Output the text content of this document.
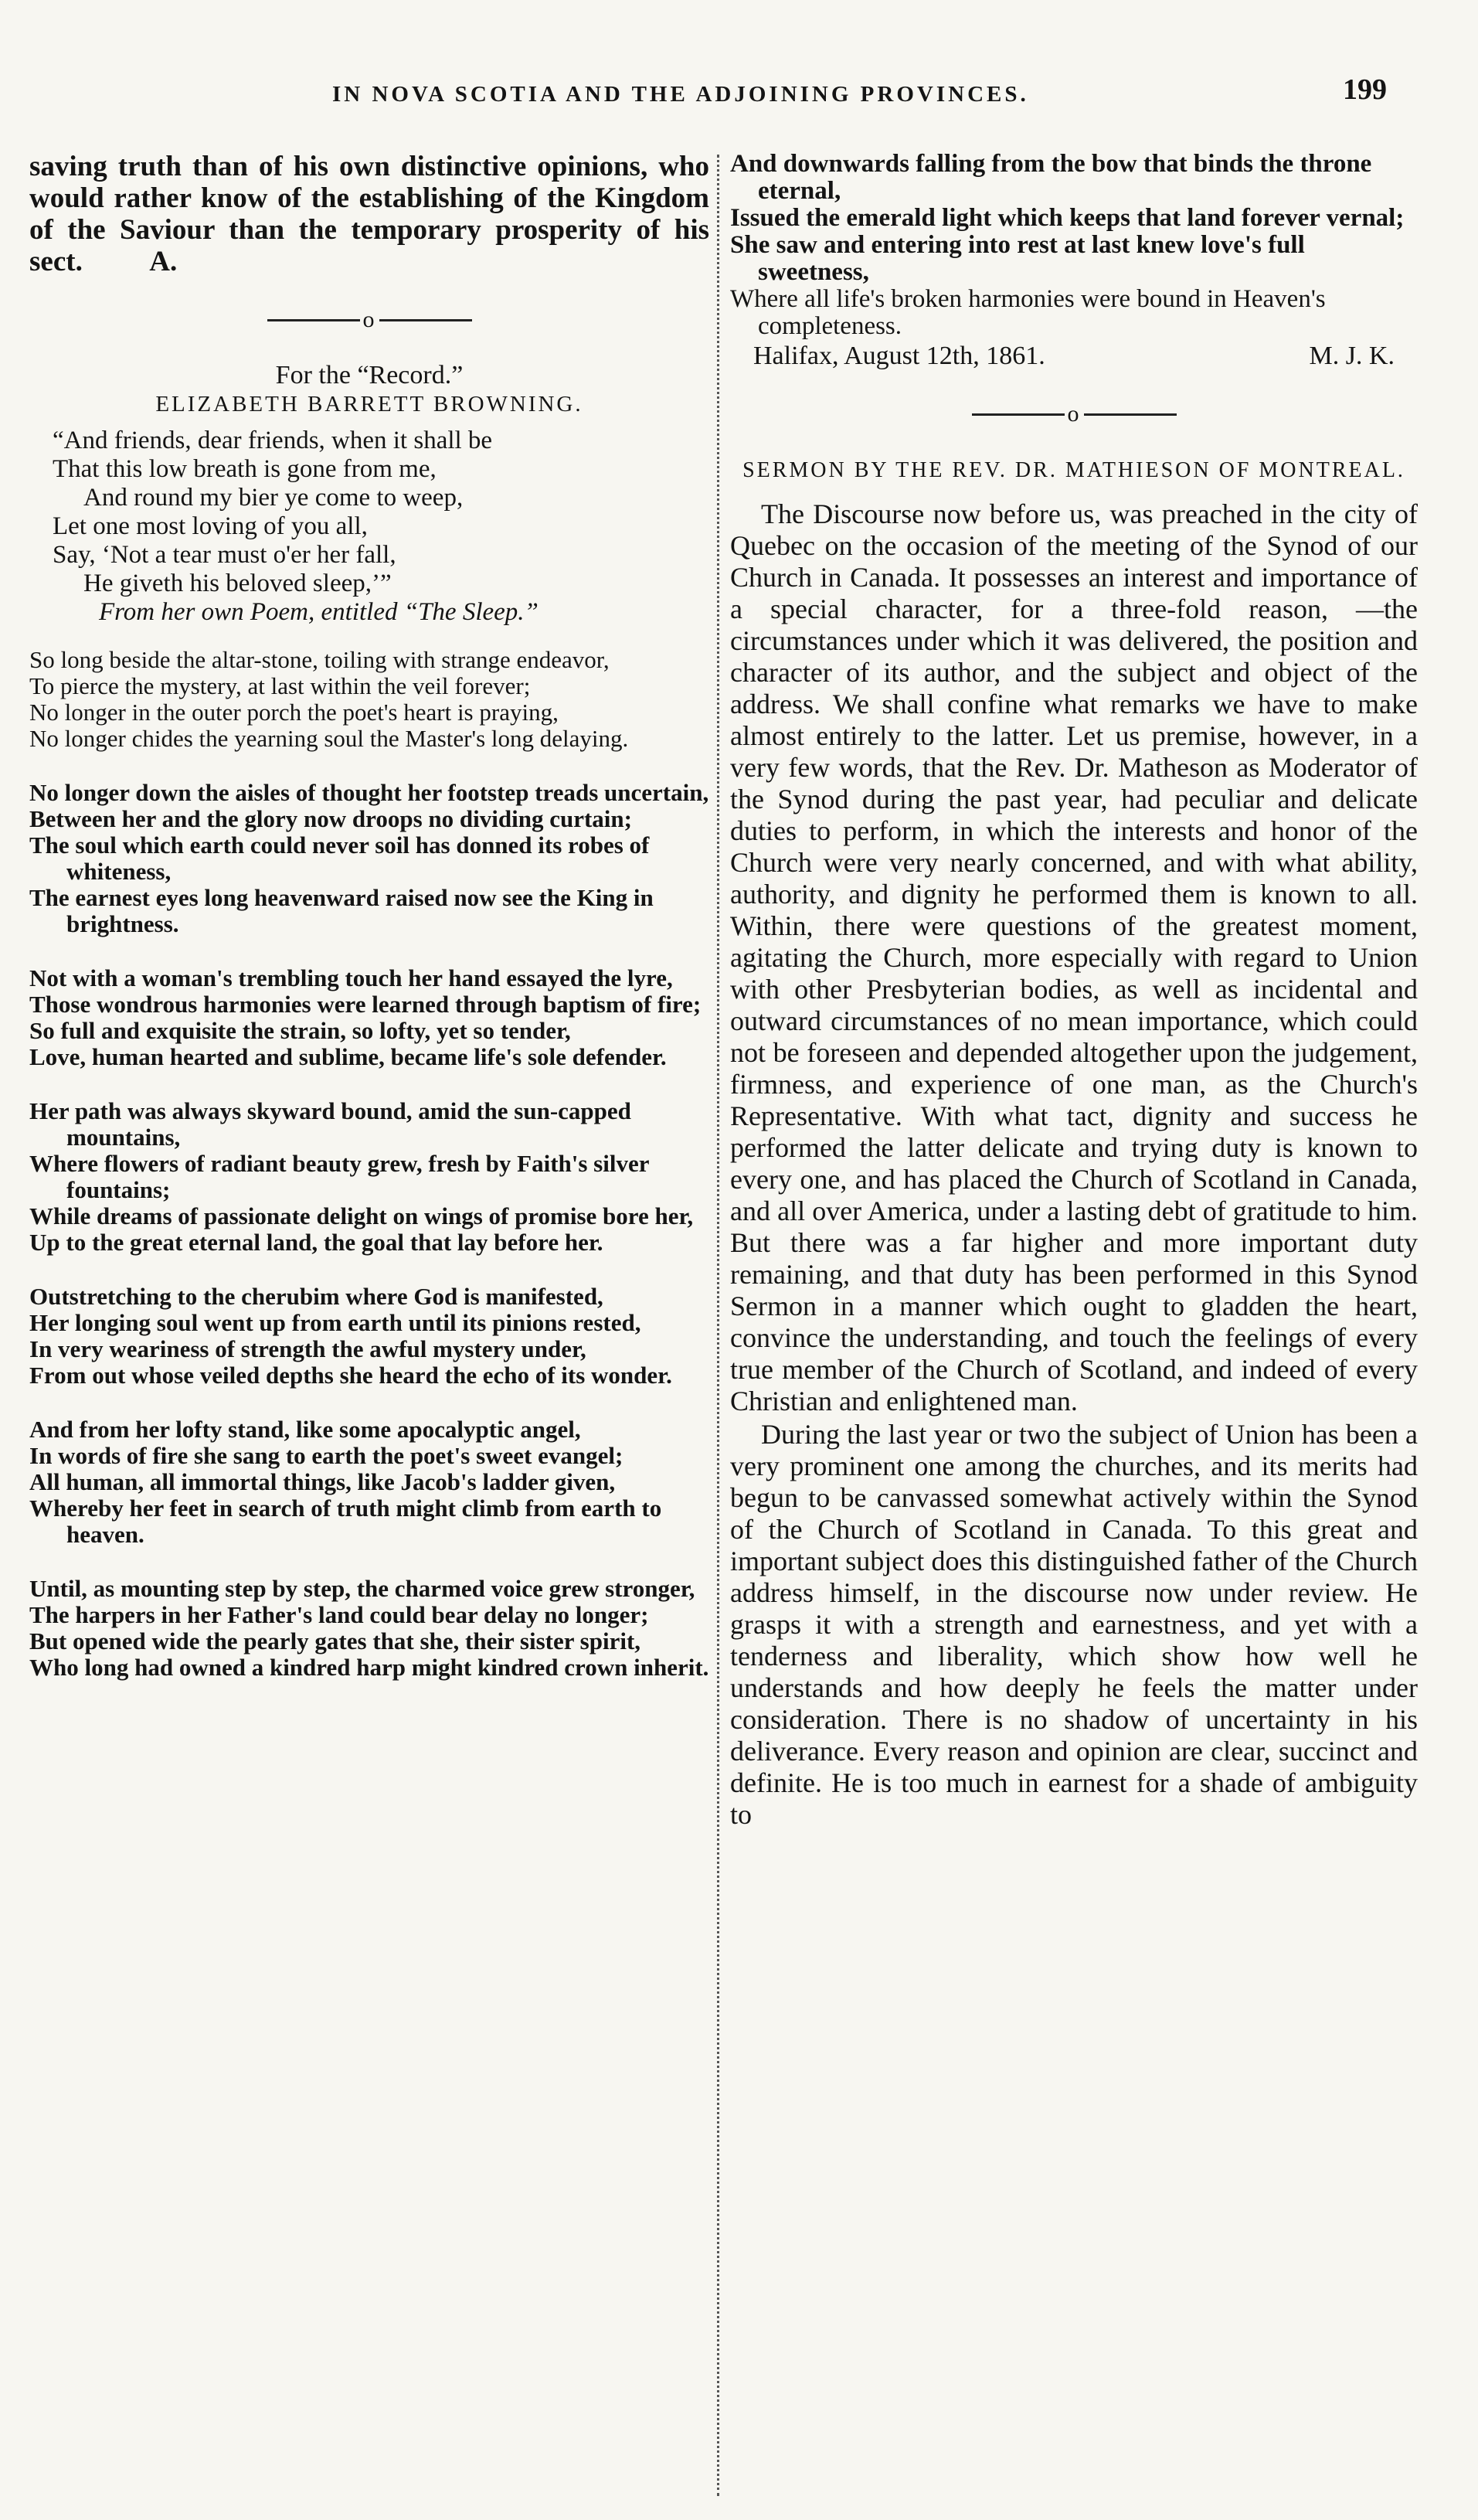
IN NOVA SCOTIA AND THE ADJOINING PROVINCES.	199

saving truth than of his own distinctive opinions, who would rather know of the establishing of the Kingdom of the Saviour than the temporary prosperity of his sect. A.

o
For the “Record.”
ELIZABETH BARRETT BROWNING.

“And friends, dear friends, when it shall be

That this low breath is gone from me,

And round my bier ye come to weep,

Let one most loving of you all,

Say, ‘Not a tear must o'er her fall,

He giveth his beloved sleep,’”

From her own Poem, entitled “The Sleep.”

So long beside the altar-stone, toiling with strange endeavor,

To pierce the mystery, at last within the veil forever;

No longer in the outer porch the poet's heart is praying,

No longer chides the yearning soul the Master's long delaying.

No longer down the aisles of thought her footstep treads uncertain,

Between her and the glory now droops no dividing curtain;

The soul which earth could never soil has donned its robes of whiteness,

The earnest eyes long heavenward raised now see the King in brightness.

Not with a woman's trembling touch her hand essayed the lyre,

Those wondrous harmonies were learned through baptism of fire;

So full and exquisite the strain, so lofty, yet so tender,

Love, human hearted and sublime, became life's sole defender.

Her path was always skyward bound, amid the sun-capped mountains,

Where flowers of radiant beauty grew, fresh by Faith's silver fountains;

While dreams of passionate delight on wings of promise bore her,

Up to the great eternal land, the goal that lay before her.

Outstretching to the cherubim where God is manifested,

Her longing soul went up from earth until its pinions rested,

In very weariness of strength the awful mystery under,

From out whose veiled depths she heard the echo of its wonder.

And from her lofty stand, like some apocalyptic angel,

In words of fire she sang to earth the poet's sweet evangel;

All human, all immortal things, like Jacob's ladder given,

Whereby her feet in search of truth might climb from earth to heaven.

Until, as mounting step by step, the charmed voice grew stronger,

The harpers in her Father's land could bear delay no longer;

But opened wide the pearly gates that she, their sister spirit,

Who long had owned a kindred harp might kindred crown inherit.

And downwards falling from the bow that binds the throne eternal,

Issued the emerald light which keeps that land forever vernal;

She saw and entering into rest at last knew love's full sweetness,

Where all life's broken harmonies were bound in Heaven's completeness.

Halifax, August 12th, 1861.	M. J. K.
o
SERMON BY THE REV. DR. MATHIESON OF MONTREAL.

The Discourse now before us, was preached in the city of Quebec on the occasion of the meeting of the Synod of our Church in Canada. It possesses an interest and importance of a special character, for a three-fold reason, —the circumstances under which it was delivered, the position and character of its author, and the subject and object of the address. We shall confine what remarks we have to make almost entirely to the latter. Let us premise, however, in a very few words, that the Rev. Dr. Matheson as Moderator of the Synod during the past year, had peculiar and delicate duties to perform, in which the interests and honor of the Church were very nearly concerned, and with what ability, authority, and dignity he performed them is known to all. Within, there were questions of the greatest moment, agitating the Church, more especially with regard to Union with other Presbyterian bodies, as well as incidental and outward circumstances of no mean importance, which could not be foreseen and depended altogether upon the judgement, firmness, and experience of one man, as the Church's Representative. With what tact, dignity and success he performed the latter delicate and trying duty is known to every one, and has placed the Church of Scotland in Canada, and all over America, under a lasting debt of gratitude to him. But there was a far higher and more important duty remaining, and that duty has been performed in this Synod Sermon in a manner which ought to gladden the heart, convince the understanding, and touch the feelings of every true member of the Church of Scotland, and indeed of every Christian and enlightened man.

During the last year or two the subject of Union has been a very prominent one among the churches, and its merits had begun to be canvassed somewhat actively within the Synod of the Church of Scotland in Canada. To this great and important subject does this distinguished father of the Church address himself, in the discourse now under review. He grasps it with a strength and earnestness, and yet with a tenderness and liberality, which show how well he understands and how deeply he feels the matter under consideration. There is no shadow of uncertainty in his deliverance. Every reason and opinion are clear, succinct and definite. He is too much in earnest for a shade of ambiguity to
